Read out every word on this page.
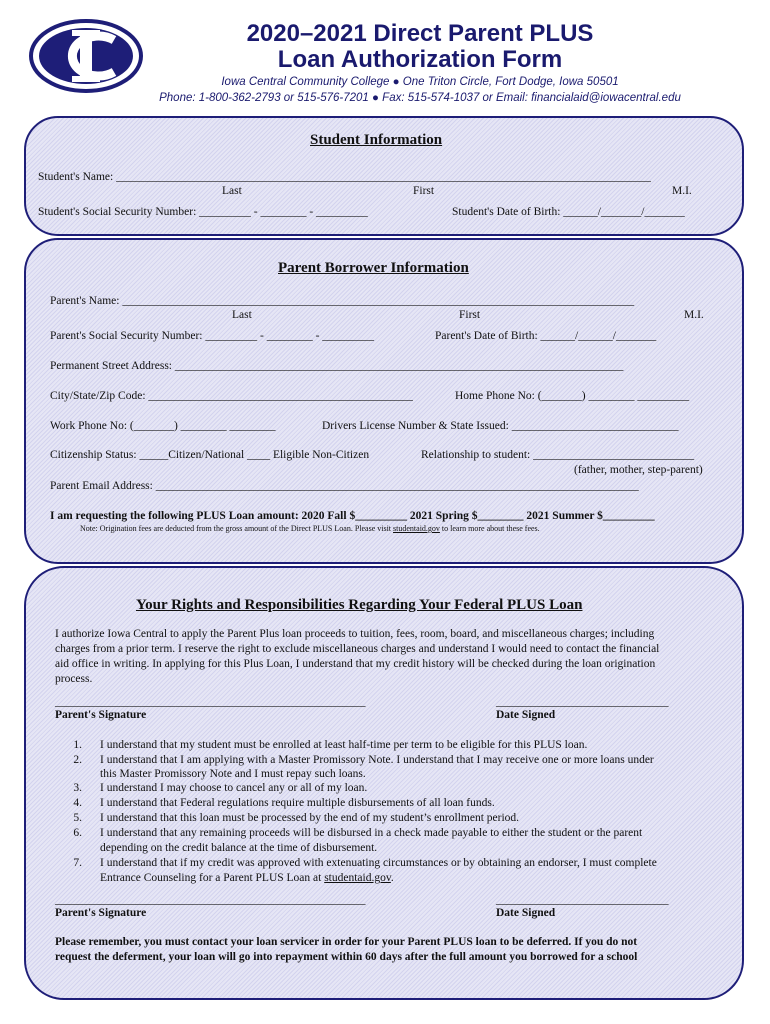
IC
2020–2021 Direct Parent PLUS
Loan Authorization Form
Iowa Central Community College ● One Triton Circle, Fort Dodge, Iowa 50501
Phone: 1-800-362-2793 or 515-576-7201 ● Fax: 515-574-1037 or Email: financialaid@iowacentral.edu
Student Information
Student's Name: _____________________________________________________________________________________________
Last	First	M.I.
Student's Social Security Number: _________ - ________ - _________	Student's Date of Birth: ______/_______/_______
Parent Borrower Information
Parent's Name: _________________________________________________________________________________________
Last	First	M.I.
Parent's Social Security Number: _________ - ________ - _________	Parent's Date of Birth: ______/______/_______
Permanent Street Address: ______________________________________________________________________________
City/State/Zip Code: ______________________________________________	Home Phone No: (_______) ________ _________
Work Phone No: (_______) ________ ________	Drivers License Number & State Issued: _____________________________
Citizenship Status: _____Citizen/National ____ Eligible Non-Citizen	Relationship to student: ____________________________
(father, mother, step-parent)
Parent Email Address: ____________________________________________________________________________________
I am requesting the following PLUS Loan amount: 2020 Fall $_________ 2021 Spring $________ 2021 Summer $_________
Note: Origination fees are deducted from the gross amount of the Direct PLUS Loan. Please visit studentaid.gov to learn more about these fees.
Your Rights and Responsibilities Regarding Your Federal PLUS Loan
I authorize Iowa Central to apply the Parent Plus loan proceeds to tuition, fees, room, board, and miscellaneous charges; including
charges from a prior term. I reserve the right to exclude miscellaneous charges and understand I would need to contact the financial
aid office in writing. In applying for this Plus Loan, I understand that my credit history will be checked during the loan origination
process.
______________________________________________________	______________________________
Parent's Signature	Date Signed
1. I understand that my student must be enrolled at least half-time per term to be eligible for this PLUS loan.
2. I understand that I am applying with a Master Promissory Note. I understand that I may receive one or more loans under
this Master Promissory Note and I must repay such loans.
3. I understand I may choose to cancel any or all of my loan.
4. I understand that Federal regulations require multiple disbursements of all loan funds.
5. I understand that this loan must be processed by the end of my student’s enrollment period.
6. I understand that any remaining proceeds will be disbursed in a check made payable to either the student or the parent
depending on the credit balance at the time of disbursement.
7. I understand that if my credit was approved with extenuating circumstances or by obtaining an endorser, I must complete
Entrance Counseling for a Parent PLUS Loan at studentaid.gov.
______________________________________________________	______________________________
Parent's Signature	Date Signed
Please remember, you must contact your loan servicer in order for your Parent PLUS loan to be deferred. If you do not
request the deferment, your loan will go into repayment within 60 days after the full amount you borrowed for a school
